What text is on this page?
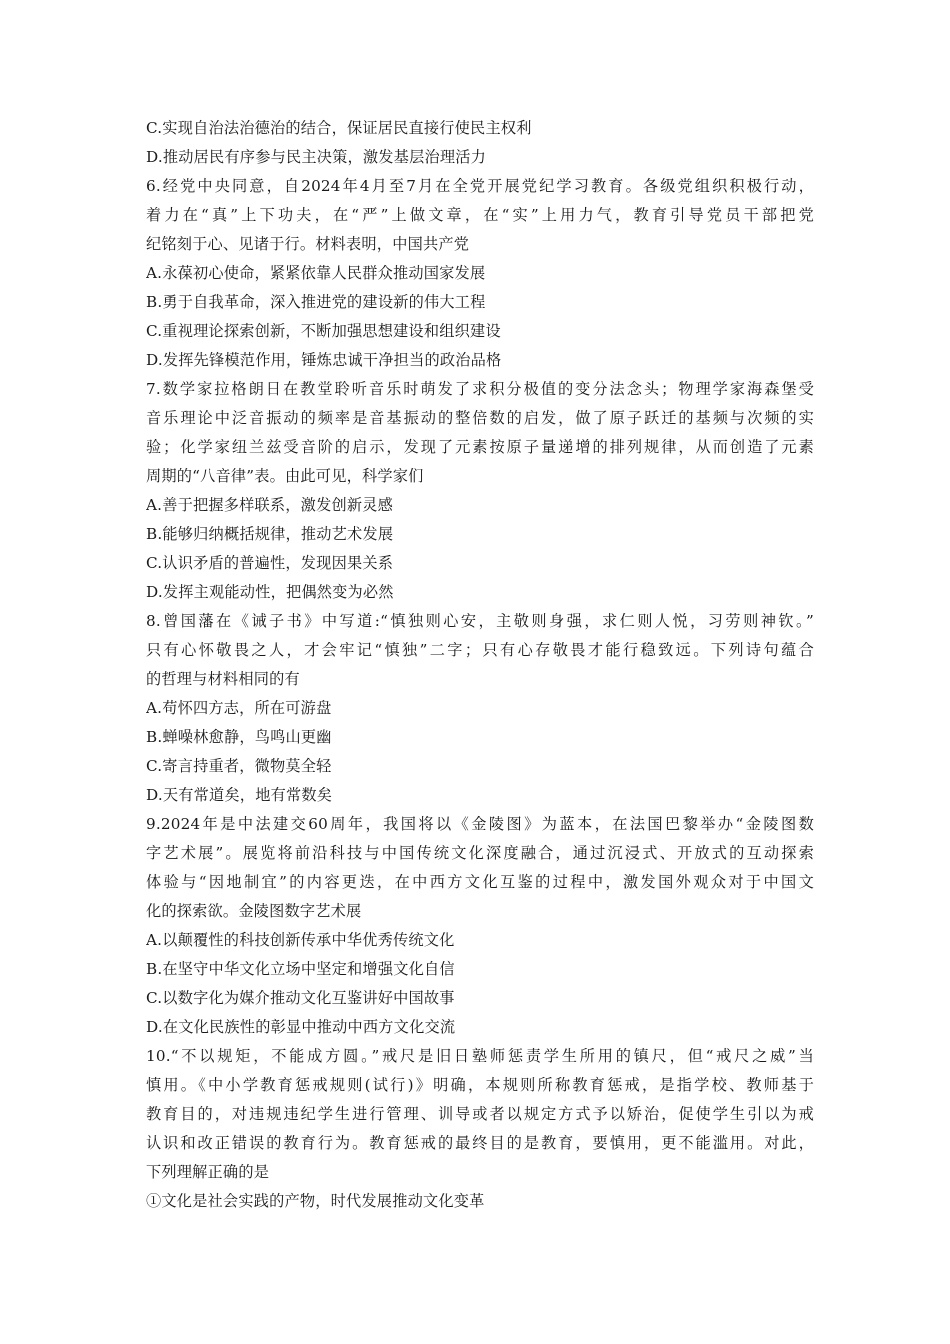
C.实现自治法治德治的结合，保证居民直接行使民主权利
D.推动居民有序参与民主决策，激发基层治理活力
6.经党中央同意，自2024年4月至7月在全党开展党纪学习教育。各级党组织积极行动，
着力在“真”上下功夫，在“严”上做文章，在“实”上用力气，教育引导党员干部把党
纪铭刻于心、见诸于行。材料表明，中国共产党
A.永葆初心使命，紧紧依靠人民群众推动国家发展
B.勇于自我革命，深入推进党的建设新的伟大工程
C.重视理论探索创新，不断加强思想建设和组织建设
D.发挥先锋模范作用，锤炼忠诚干净担当的政治品格
7.数学家拉格朗日在教堂聆听音乐时萌发了求积分极值的变分法念头；物理学家海森堡受
音乐理论中泛音振动的频率是音基振动的整倍数的启发，做了原子跃迁的基频与次频的实
验；化学家纽兰兹受音阶的启示，发现了元素按原子量递增的排列规律，从而创造了元素
周期的“八音律”表。由此可见，科学家们
A.善于把握多样联系，激发创新灵感
B.能够归纳概括规律，推动艺术发展
C.认识矛盾的普遍性，发现因果关系
D.发挥主观能动性，把偶然变为必然
8.曾国藩在《诫子书》中写道:“慎独则心安，主敬则身强，求仁则人悦，习劳则神钦。”
只有心怀敬畏之人，才会牢记“慎独”二字；只有心存敬畏才能行稳致远。下列诗句蕴合
的哲理与材料相同的有
A.苟怀四方志，所在可游盘
B.蝉噪林愈静，鸟鸣山更幽
C.寄言持重者，微物莫全轻
D.天有常道矣，地有常数矣
9.2024年是中法建交60周年，我国将以《金陵图》为蓝本，在法国巴黎举办“金陵图数
字艺术展”。展览将前沿科技与中国传统文化深度融合，通过沉浸式、开放式的互动探索
体验与“因地制宜”的内容更迭，在中西方文化互鉴的过程中，激发国外观众对于中国文
化的探索欲。金陵图数字艺术展
A.以颠覆性的科技创新传承中华优秀传统文化
B.在坚守中华文化立场中坚定和增强文化自信
C.以数字化为媒介推动文化互鉴讲好中国故事
D.在文化民族性的彰显中推动中西方文化交流
10.“不以规矩，不能成方圆。”戒尺是旧日塾师惩责学生所用的镇尺，但“戒尺之威”当
慎用。《中小学教育惩戒规则(试行)》明确，本规则所称教育惩戒，是指学校、教师基于
教育目的，对违规违纪学生进行管理、训导或者以规定方式予以矫治，促使学生引以为戒
认识和改正错误的教育行为。教育惩戒的最终目的是教育，要慎用，更不能滥用。对此，
下列理解正确的是
①文化是社会实践的产物，时代发展推动文化变革
